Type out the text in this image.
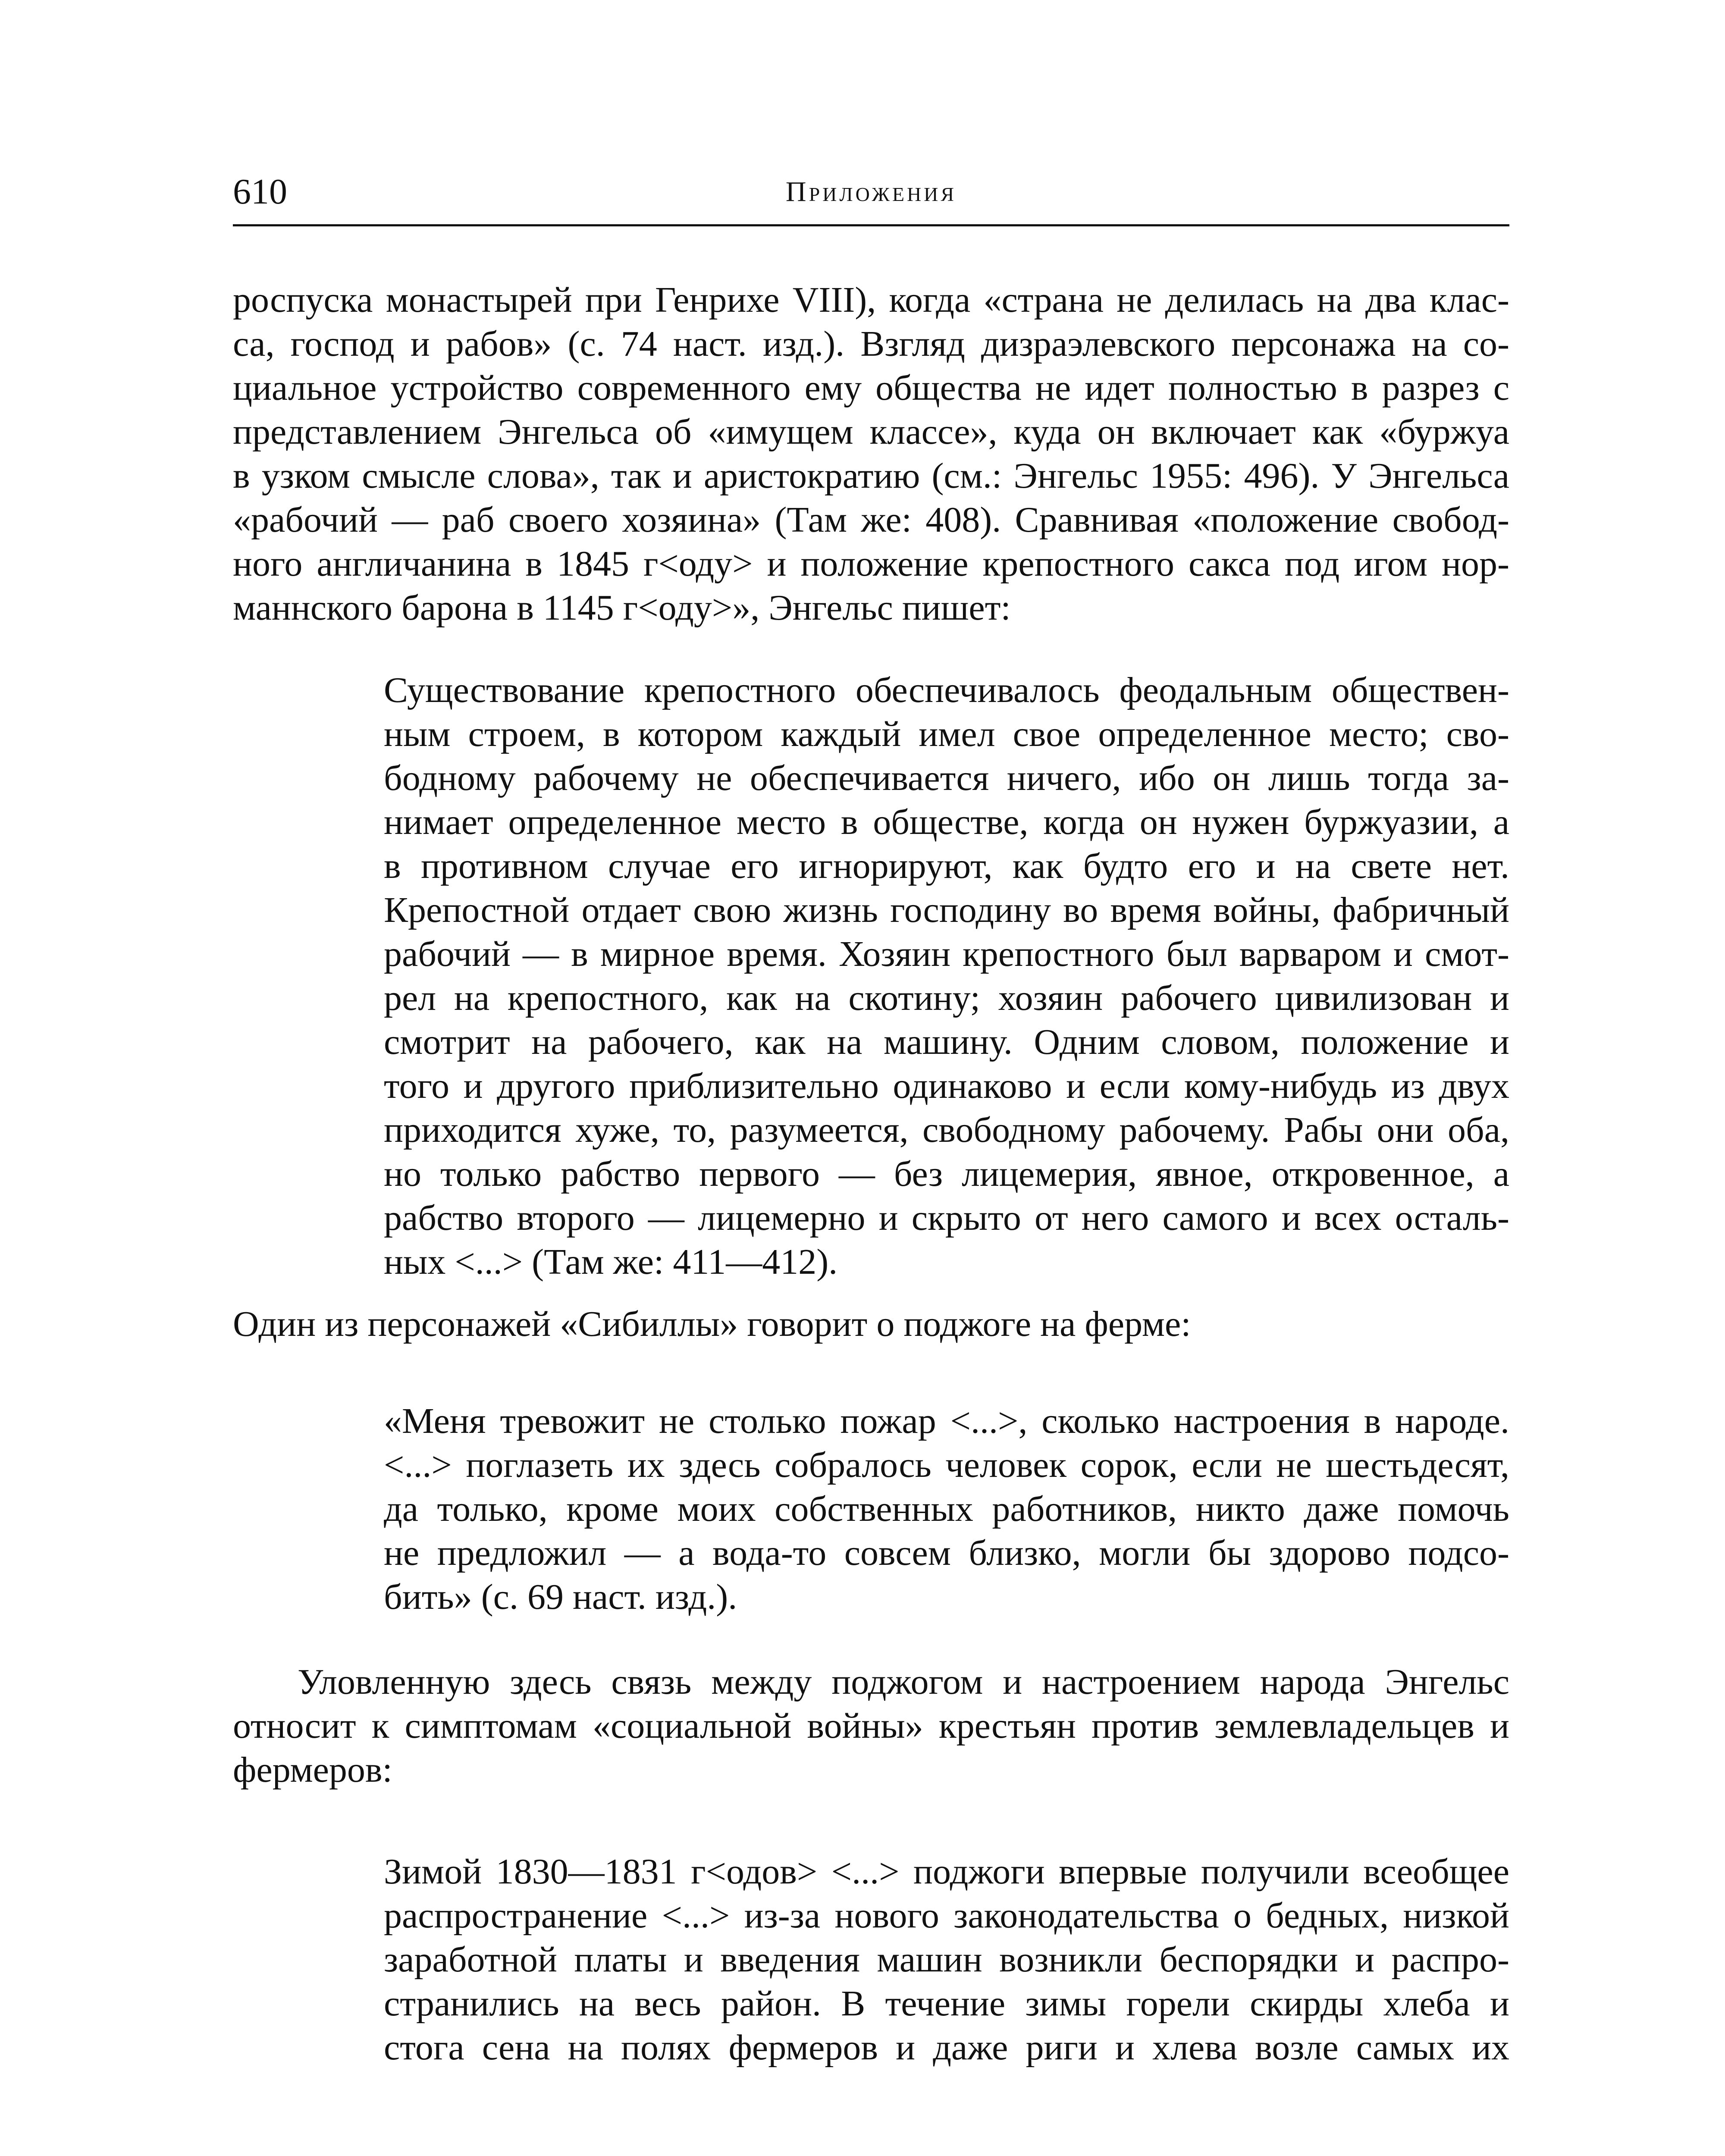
610	Приложения
роспуска монастырей при Генрихе VIII), когда «страна не делилась на два клас-
са, господ и рабов» (с. 74 наст. изд.). Взгляд дизраэлевского персонажа на со-
циальное устройство современного ему общества не идет полностью в разрез с
представлением Энгельса об «имущем классе», куда он включает как «буржуа
в узком смысле слова», так и аристократию (см.: Энгельс 1955: 496). У Энгельса
«рабочий — раб своего хозяина» (Там же: 408). Сравнивая «положение свобод-
ного англичанина в 1845 г<оду> и положение крепостного сакса под игом нор-
маннского барона в 1145 г<оду>», Энгельс пишет:
Существование крепостного обеспечивалось феодальным обществен-
ным строем, в котором каждый имел свое определенное место; сво-
бодному рабочему не обеспечивается ничего, ибо он лишь тогда за-
нимает определенное место в обществе, когда он нужен буржуазии, а
в противном случае его игнорируют, как будто его и на свете нет.
Крепостной отдает свою жизнь господину во время войны, фабричный
рабочий — в мирное время. Хозяин крепостного был варваром и смот-
рел на крепостного, как на скотину; хозяин рабочего цивилизован и
смотрит на рабочего, как на машину. Одним словом, положение и
того и другого приблизительно одинаково и если кому-нибудь из двух
приходится хуже, то, разумеется, свободному рабочему. Рабы они оба,
но только рабство первого — без лицемерия, явное, откровенное, а
рабство второго — лицемерно и скрыто от него самого и всех осталь-
ных <...> (Там же: 411—412).
Один из персонажей «Сибиллы» говорит о поджоге на ферме:
«Меня тревожит не столько пожар <...>, сколько настроения в народе.
<...> поглазеть их здесь собралось человек сорок, если не шестьдесят,
да только, кроме моих собственных работников, никто даже помочь
не предложил — а вода-то совсем близко, могли бы здорово подсо-
бить» (с. 69 наст. изд.).
Уловленную здесь связь между поджогом и настроением народа Энгельс
относит к симптомам «социальной войны» крестьян против землевладельцев и
фермеров:
Зимой 1830—1831 г<одов> <...> поджоги впервые получили всеобщее
распространение <...> из-за нового законодательства о бедных, низкой
заработной платы и введения машин возникли беспорядки и распро-
странились на весь район. В течение зимы горели скирды хлеба и
стога сена на полях фермеров и даже риги и хлева возле самых их
